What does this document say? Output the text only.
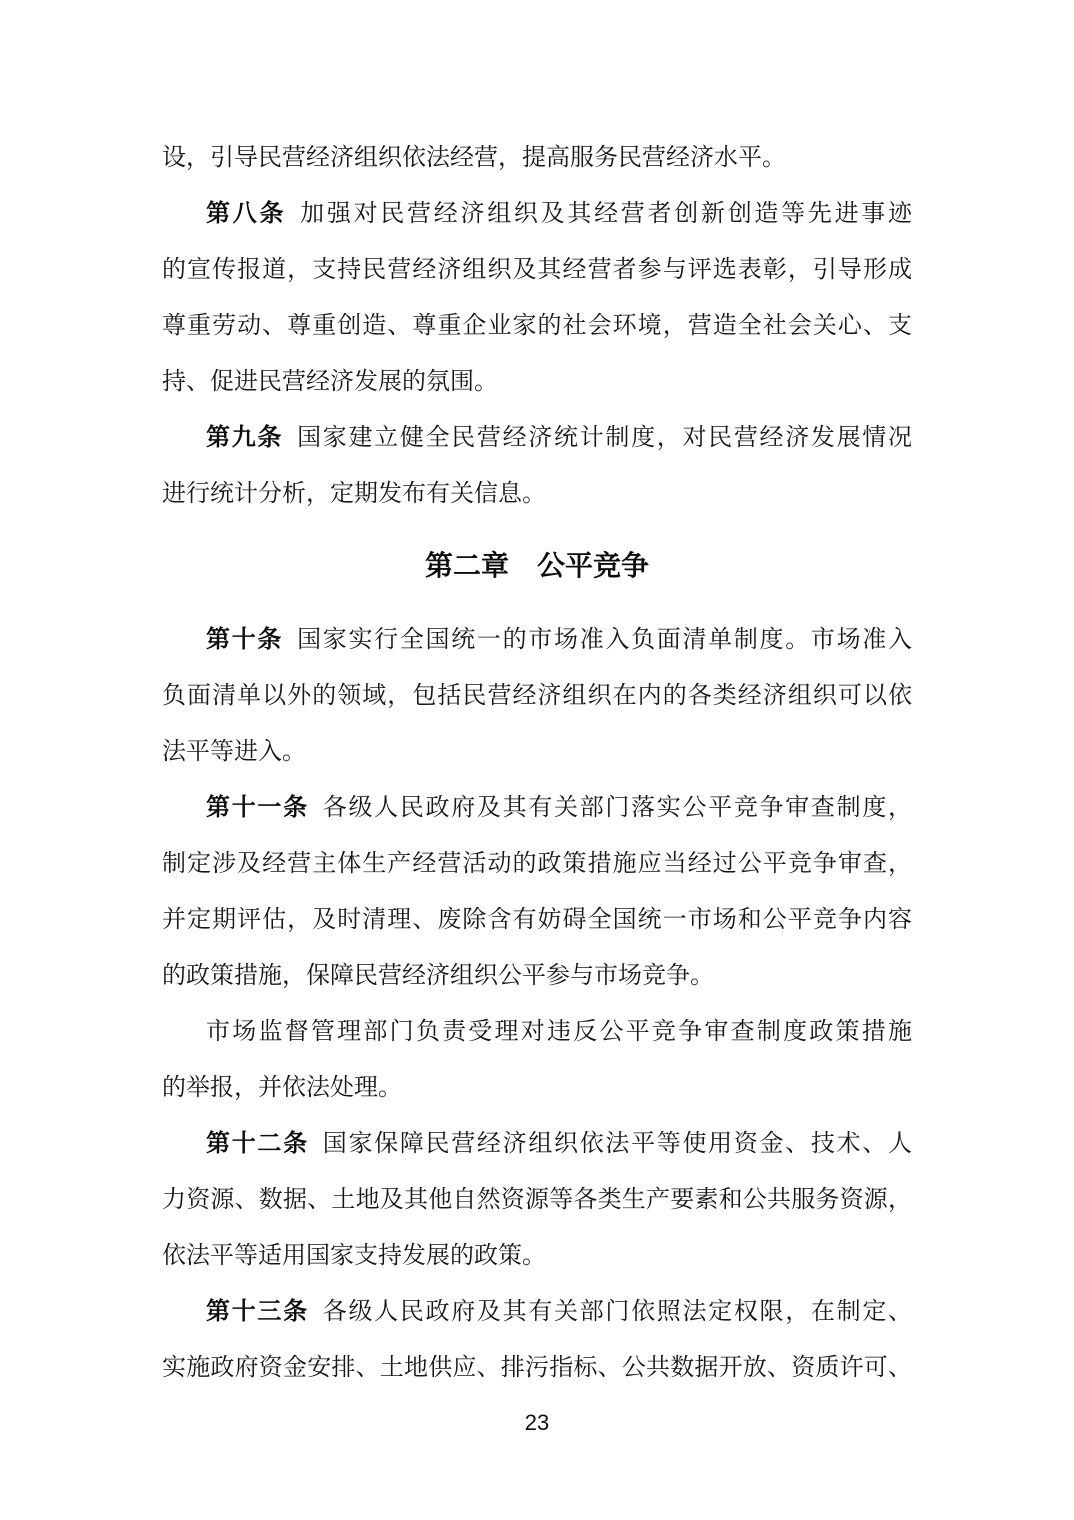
设，引导民营经济组织依法经营，提高服务民营经济水平。
第八条 加强对民营经济组织及其经营者创新创造等先进事迹
的宣传报道，支持民营经济组织及其经营者参与评选表彰，引导形成
尊重劳动、尊重创造、尊重企业家的社会环境，营造全社会关心、支
持、促进民营经济发展的氛围。
第九条 国家建立健全民营经济统计制度，对民营经济发展情况
进行统计分析，定期发布有关信息。
第二章 公平竞争
第十条 国家实行全国统一的市场准入负面清单制度。市场准入
负面清单以外的领域，包括民营经济组织在内的各类经济组织可以依
法平等进入。
第十一条 各级人民政府及其有关部门落实公平竞争审查制度，
制定涉及经营主体生产经营活动的政策措施应当经过公平竞争审查，
并定期评估，及时清理、废除含有妨碍全国统一市场和公平竞争内容
的政策措施，保障民营经济组织公平参与市场竞争。
市场监督管理部门负责受理对违反公平竞争审查制度政策措施
的举报，并依法处理。
第十二条 国家保障民营经济组织依法平等使用资金、技术、人
力资源、数据、土地及其他自然资源等各类生产要素和公共服务资源，
依法平等适用国家支持发展的政策。
第十三条 各级人民政府及其有关部门依照法定权限，在制定、
实施政府资金安排、土地供应、排污指标、公共数据开放、资质许可、
23
